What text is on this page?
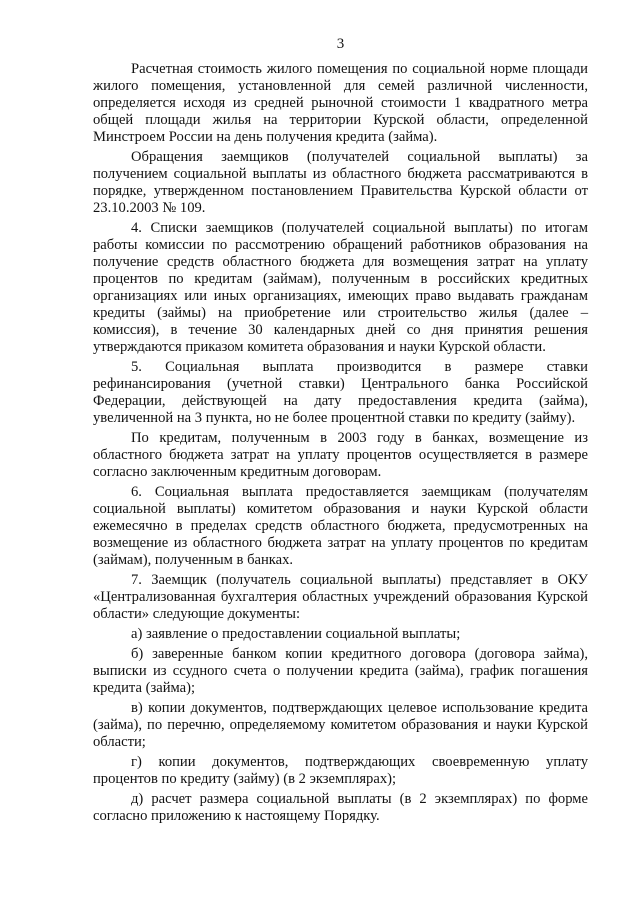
3

Расчетная стоимость жилого помещения по социальной норме площади жилого помещения, установленной для семей различной численности, определяется исходя из средней рыночной стоимости 1 квадратного метра общей площади жилья на территории Курской области, определенной Минстроем России на день получения кредита (займа).

Обращения заемщиков (получателей социальной выплаты) за получением социальной выплаты из областного бюджета рассматриваются в порядке, утвержденном постановлением Правительства Курской области от 23.10.2003 № 109.

4. Списки заемщиков (получателей социальной выплаты) по итогам работы комиссии по рассмотрению обращений работников образования на получение средств областного бюджета для возмещения затрат на уплату процентов по кредитам (займам), полученным в российских кредитных организациях или иных организациях, имеющих право выдавать гражданам кредиты (займы) на приобретение или строительство жилья (далее – комиссия), в течение 30 календарных дней со дня принятия решения утверждаются приказом комитета образования и науки Курской области.

5. Социальная выплата производится в размере ставки рефинансирования (учетной ставки) Центрального банка Российской Федерации, действующей на дату предоставления кредита (займа), увеличенной на 3 пункта, но не более процентной ставки по кредиту (займу).

По кредитам, полученным в 2003 году в банках, возмещение из областного бюджета затрат на уплату процентов осуществляется в размере согласно заключенным кредитным договорам.

6. Социальная выплата предоставляется заемщикам (получателям социальной выплаты) комитетом образования и науки Курской области ежемесячно в пределах средств областного бюджета, предусмотренных на возмещение из областного бюджета затрат на уплату процентов по кредитам (займам), полученным в банках.

7. Заемщик (получатель социальной выплаты) представляет в ОКУ «Централизованная бухгалтерия областных учреждений образования Курской области» следующие документы:

а) заявление о предоставлении социальной выплаты;

б) заверенные банком копии кредитного договора (договора займа), выписки из ссудного счета о получении кредита (займа), график погашения кредита (займа);

в) копии документов, подтверждающих целевое использование кредита (займа), по перечню, определяемому комитетом образования и науки Курской области;

г) копии документов, подтверждающих своевременную уплату процентов по кредиту (займу) (в 2 экземплярах);

д) расчет размера социальной выплаты (в 2 экземплярах) по форме согласно приложению к настоящему Порядку.
